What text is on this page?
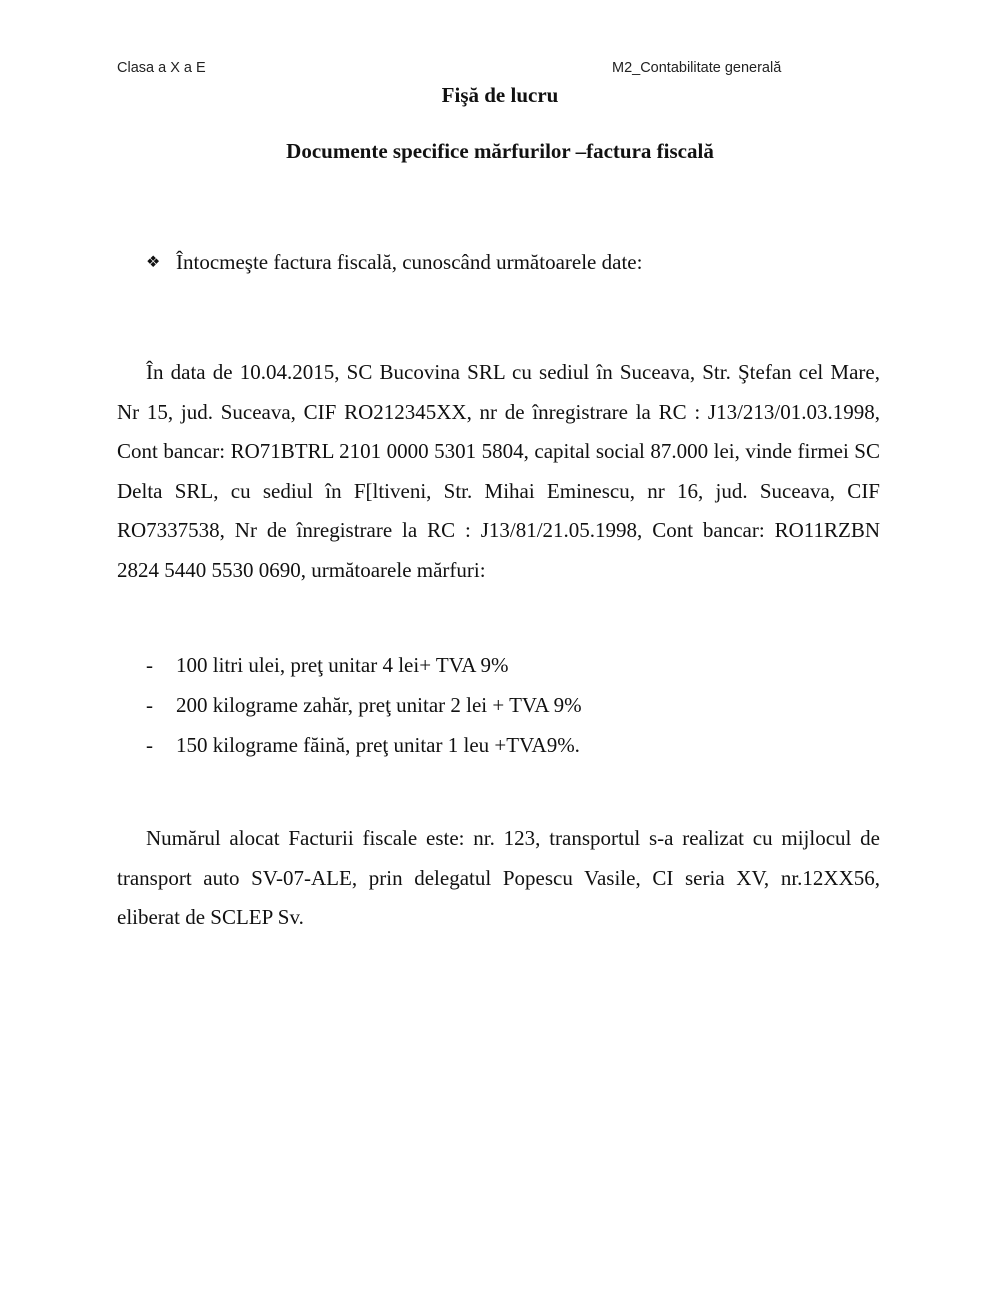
Clasa a X a E	M2_Contabilitate generală
Fişă de lucru
Documente specifice mărfurilor –factura fiscală
❖ Întocmeşte factura fiscală, cunoscând următoarele date:

În data de 10.04.2015, SC Bucovina SRL cu sediul în Suceava, Str. Ştefan cel Mare, Nr 15, jud. Suceava, CIF RO212345XX, nr de înregistrare la RC : J13/213/01.03.1998, Cont bancar: RO71BTRL 2101 0000 5301 5804, capital social 87.000 lei, vinde firmei SC Delta SRL, cu sediul în F[ltiveni, Str. Mihai Eminescu, nr 16, jud. Suceava, CIF RO7337538, Nr de înregistrare la RC : J13/81/21.05.1998, Cont bancar: RO11RZBN 2824 5440 5530 0690, următoarele mărfuri:

- 100 litri ulei, preţ unitar 4 lei+ TVA 9%
- 200 kilograme zahăr, preţ unitar 2 lei + TVA 9%
- 150 kilograme făină, preţ unitar 1 leu +TVA9%.

Numărul alocat Facturii fiscale este: nr. 123, transportul s-a realizat cu mijlocul de transport auto SV-07-ALE, prin delegatul Popescu Vasile, CI seria XV, nr.12XX56, eliberat de SCLEP Sv.
